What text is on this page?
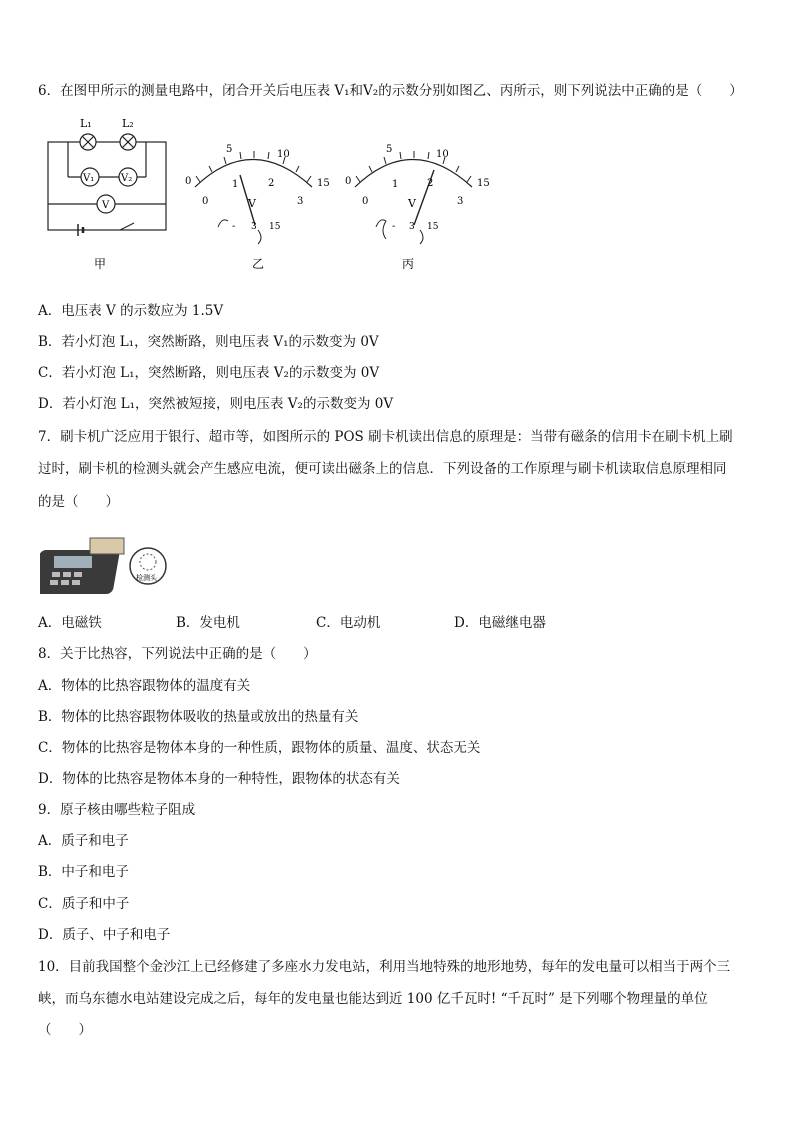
6．在图甲所示的测量电路中，闭合开关后电压表 V₁和V₂的示数分别如图乙、丙所示，则下列说法中正确的是（　　）
L₁	L₂
V₁	V₂
V
甲
0
5	10
15
0
1	2
3
V
- 3 15
乙
0
5	10
15
0
1	2
3
V
- 3 15
丙
A．电压表 V 的示数应为 1.5V
B．若小灯泡 L₁，突然断路，则电压表 V₁的示数变为 0V
C．若小灯泡 L₁，突然断路，则电压表 V₂的示数变为 0V
D．若小灯泡 L₁，突然被短接，则电压表 V₂的示数变为 0V
7．刷卡机广泛应用于银行、超市等，如图所示的 POS 刷卡机读出信息的原理是：当带有磁条的信用卡在刷卡机上刷
过时，刷卡机的检测头就会产生感应电流，便可读出磁条上的信息．下列设备的工作原理与刷卡机读取信息原理相同
的是（　　）
检测头
A．电磁铁	B．发电机	C．电动机	D．电磁继电器
8．关于比热容，下列说法中正确的是（　　）
A．物体的比热容跟物体的温度有关
B．物体的比热容跟物体吸收的热量或放出的热量有关
C．物体的比热容是物体本身的一种性质，跟物体的质量、温度、状态无关
D．物体的比热容是物体本身的一种特性，跟物体的状态有关
9．原子核由哪些粒子阻成
A．质子和电子
B．中子和电子
C．质子和中子
D．质子、中子和电子
10．目前我国整个金沙江上已经修建了多座水力发电站，利用当地特殊的地形地势，每年的发电量可以相当于两个三
峡，而乌东德水电站建设完成之后，每年的发电量也能达到近 100 亿千瓦时! “千瓦时” 是下列哪个物理量的单位
（　　）
